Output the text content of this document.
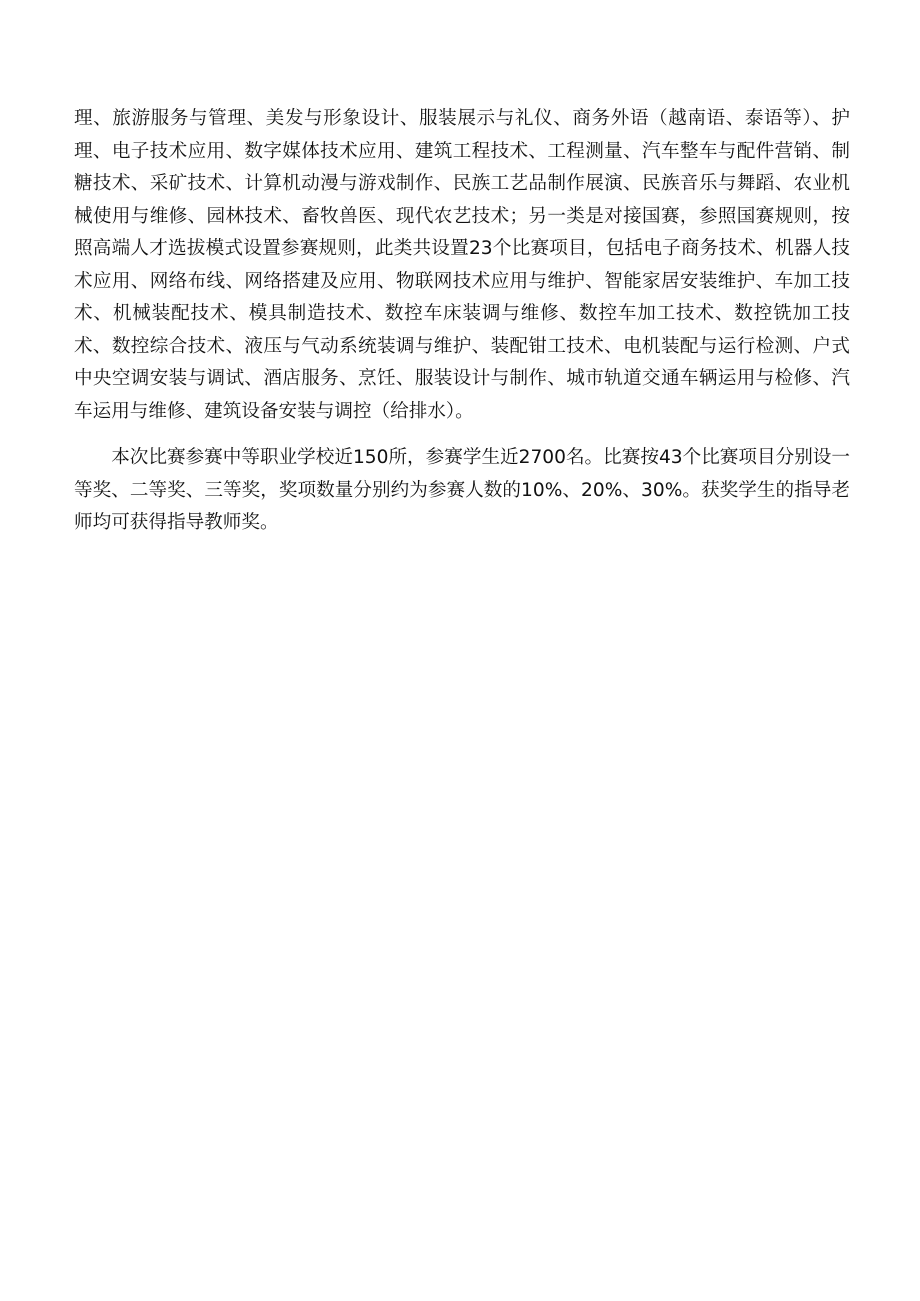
理、旅游服务与管理、美发与形象设计、服装展示与礼仪、商务外语（越南语、泰语等）、护理、电子技术应用、数字媒体技术应用、建筑工程技术、工程测量、汽车整车与配件营销、制糖技术、采矿技术、计算机动漫与游戏制作、民族工艺品制作展演、民族音乐与舞蹈、农业机械使用与维修、园林技术、畜牧兽医、现代农艺技术；另一类是对接国赛，参照国赛规则，按照高端人才选拔模式设置参赛规则，此类共设置23个比赛项目，包括电子商务技术、机器人技术应用、网络布线、网络搭建及应用、物联网技术应用与维护、智能家居安装维护、车加工技术、机械装配技术、模具制造技术、数控车床装调与维修、数控车加工技术、数控铣加工技术、数控综合技术、液压与气动系统装调与维护、装配钳工技术、电机装配与运行检测、户式中央空调安装与调试、酒店服务、烹饪、服装设计与制作、城市轨道交通车辆运用与检修、汽车运用与维修、建筑设备安装与调控（给排水）。

本次比赛参赛中等职业学校近150所，参赛学生近2700名。比赛按43个比赛项目分别设一等奖、二等奖、三等奖，奖项数量分别约为参赛人数的10%、20%、30%。获奖学生的指导老师均可获得指导教师奖。
